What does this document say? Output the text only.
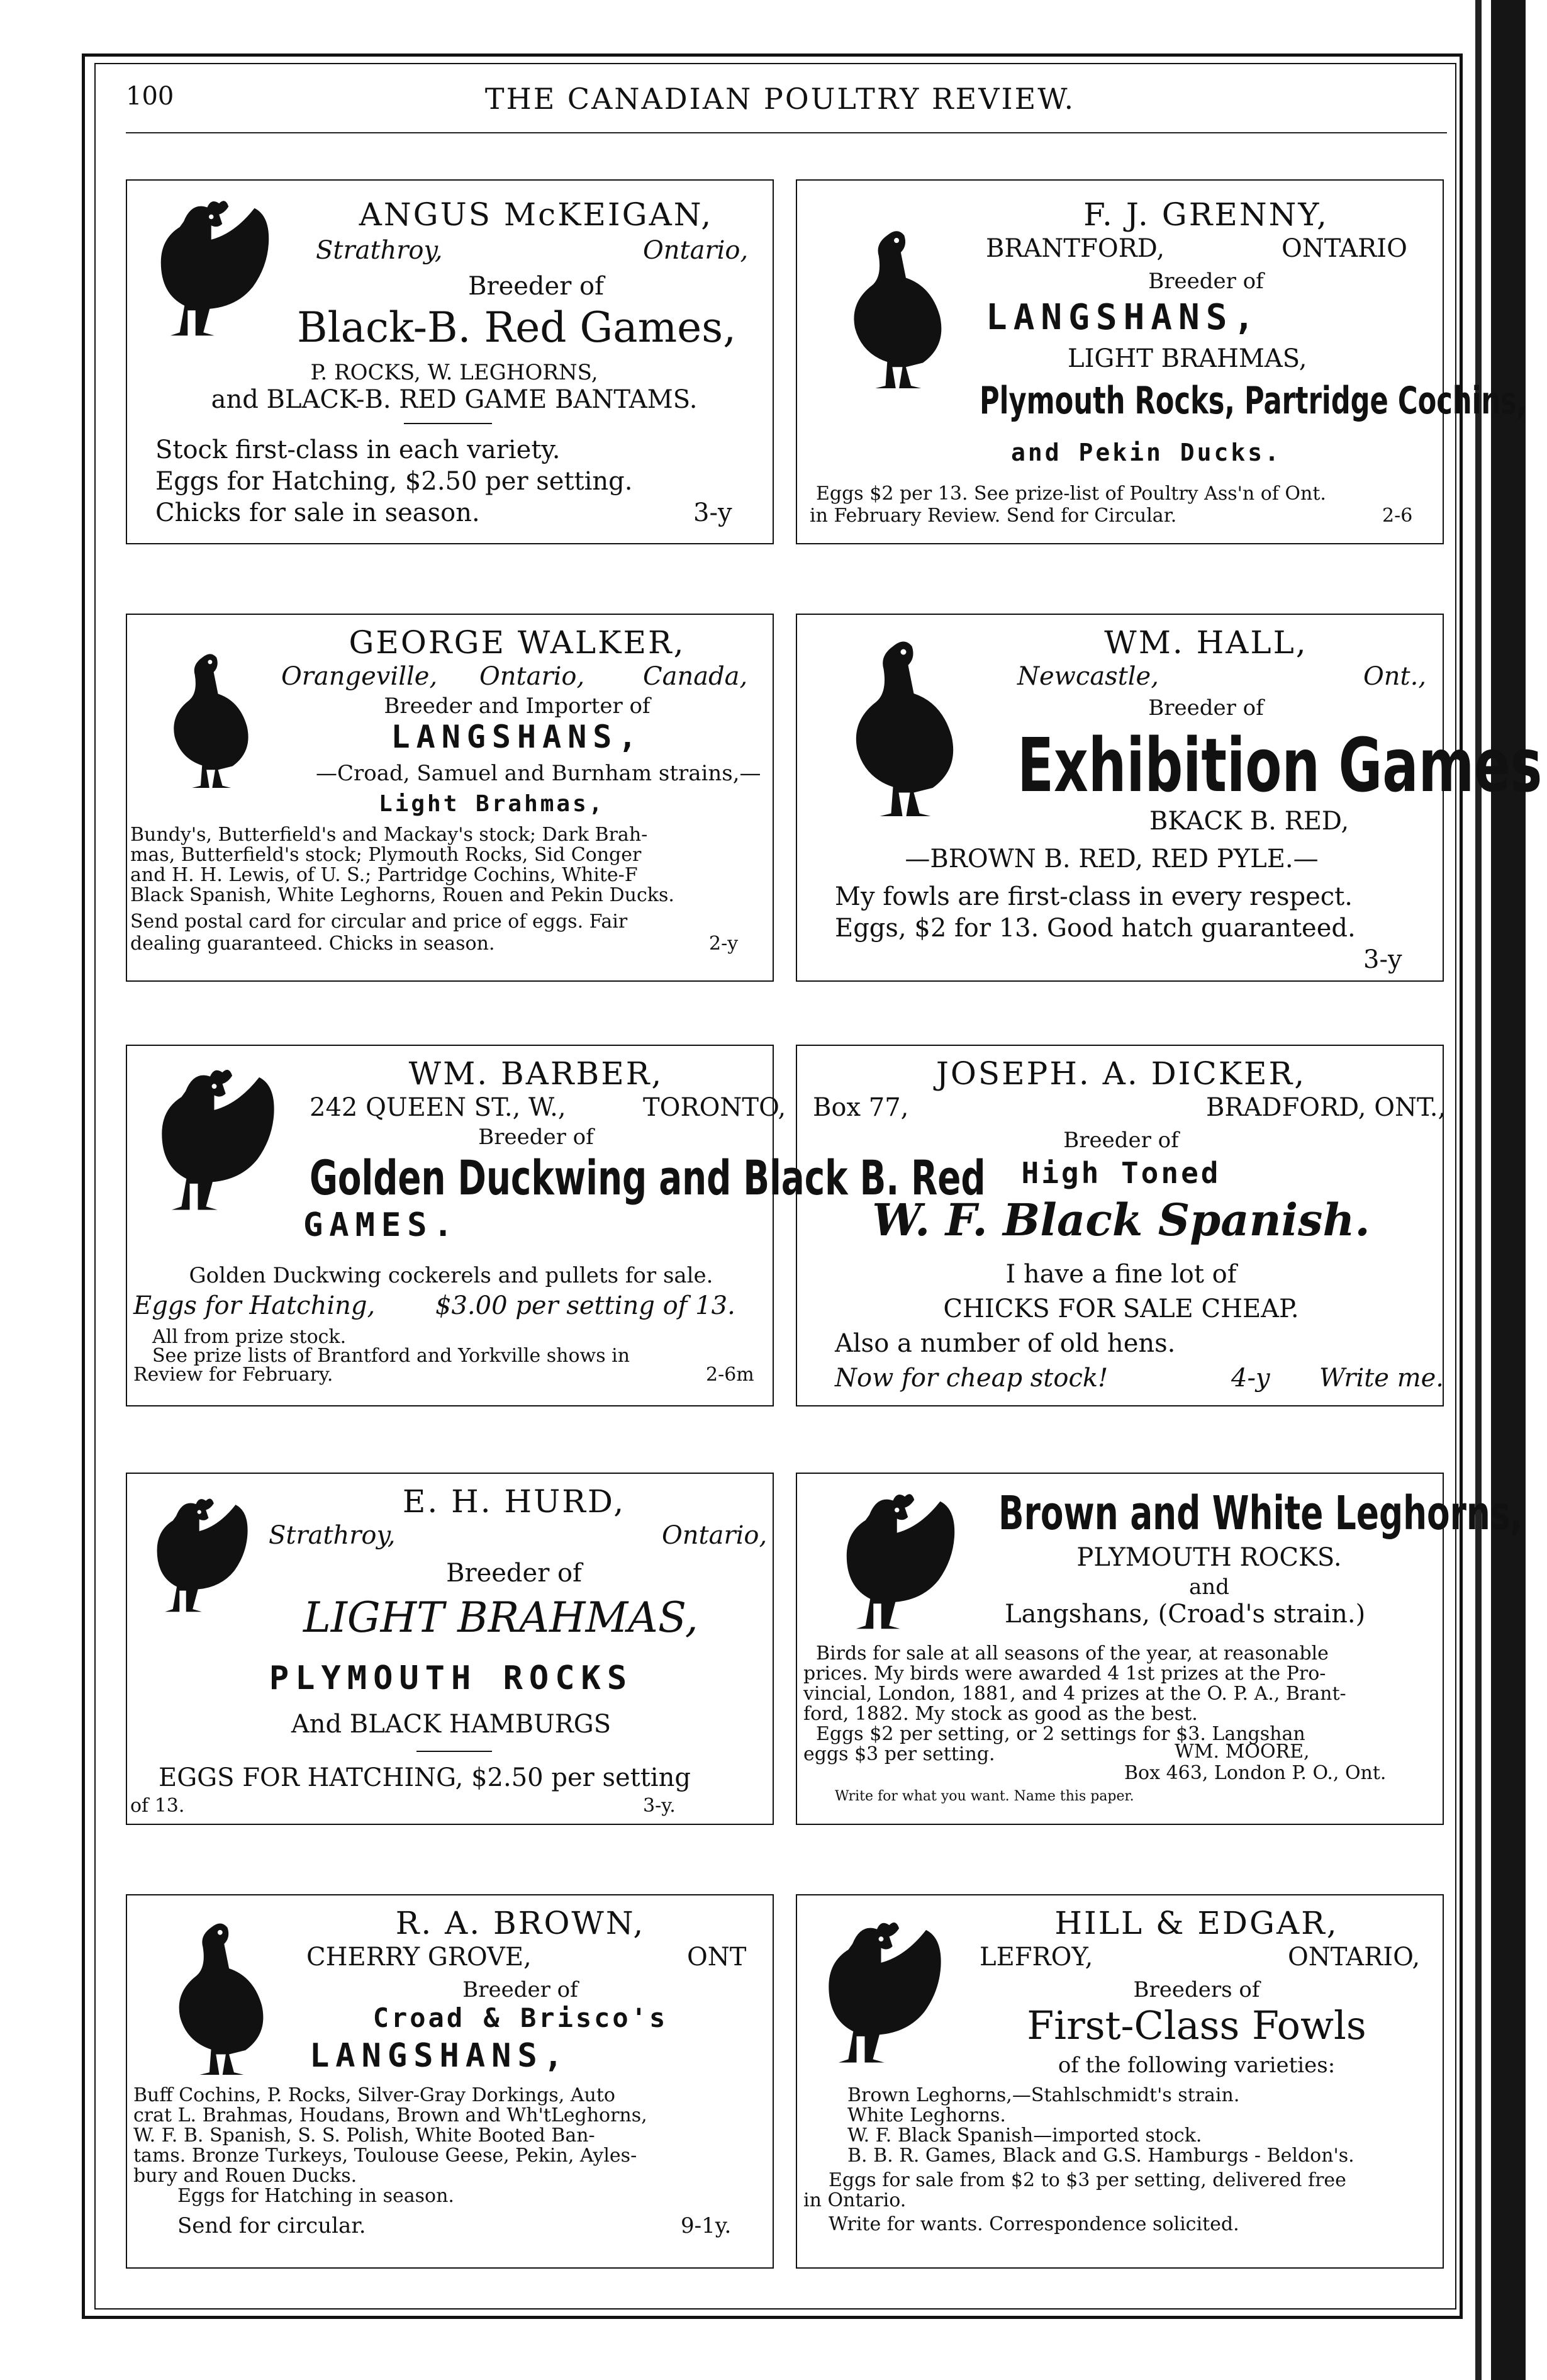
100	THE CANADIAN POULTRY REVIEW.
ANGUS McKEIGAN,
Strathroy,	Ontario,
Breeder of
Black-B. Red Games,
P. ROCKS, W. LEGHORNS,
and BLACK-B. RED GAME BANTAMS.
Stock first-class in each variety.
Eggs for Hatching, $2.50 per setting.
Chicks for sale in season.	3-y
F. J. GRENNY,
BRANTFORD,	ONTARIO
Breeder of
LANGSHANS,
LIGHT BRAHMAS,
Plymouth Rocks, Partridge Cochins,
and Pekin Ducks.
Eggs $2 per 13. See prize-list of Poultry Ass'n of Ont.
in February Review. Send for Circular.	2-6
GEORGE WALKER,
Orangeville, Ontario, Canada,
Breeder and Importer of
LANGSHANS,
—Croad, Samuel and Burnham strains,—
Light Brahmas,
Bundy's, Butterfield's and Mackay's stock; Dark Brah-
mas, Butterfield's stock; Plymouth Rocks, Sid Conger
and H. H. Lewis, of U. S.; Partridge Cochins, White-F
Black Spanish, White Leghorns, Rouen and Pekin Ducks.
Send postal card for circular and price of eggs. Fair
dealing guaranteed. Chicks in season.	2-y
WM. HALL,
Newcastle,	Ont.,
Breeder of
Exhibition Games
BKACK B. RED,
—BROWN B. RED, RED PYLE.—
My fowls are first-class in every respect.
Eggs, $2 for 13. Good hatch guaranteed.
3-y
WM. BARBER,
242 QUEEN ST., W.,	TORONTO,
Breeder of
Golden Duckwing and Black B. Red
GAMES.
Golden Duckwing cockerels and pullets for sale.
Eggs for Hatching, $3.00 per setting of 13.
All from prize stock.
See prize lists of Brantford and Yorkville shows in
Review for February.	2-6m
JOSEPH. A. DICKER,
Box 77,	BRADFORD, ONT.,
Breeder of
High Toned
W. F. Black Spanish.
I have a fine lot of
CHICKS FOR SALE CHEAP.
Also a number of old hens.
Now for cheap stock!	4-y Write me.
E. H. HURD,
Strathroy,	Ontario,
Breeder of
LIGHT BRAHMAS,
PLYMOUTH ROCKS
And BLACK HAMBURGS
EGGS FOR HATCHING, $2.50 per setting
of 13.	3-y.
Brown and White Leghorns,
PLYMOUTH ROCKS.
and
Langshans, (Croad's strain.)
Birds for sale at all seasons of the year, at reasonable
prices. My birds were awarded 4 1st prizes at the Pro-
vincial, London, 1881, and 4 prizes at the O. P. A., Brant-
ford, 1882. My stock as good as the best.
Eggs $2 per setting, or 2 settings for $3. Langshan
eggs $3 per setting.	WM. MOORE,
Box 463, London P. O., Ont.
Write for what you want. Name this paper.
R. A. BROWN,
CHERRY GROVE,	ONT
Breeder of
Croad & Brisco's
LANGSHANS,
Buff Cochins, P. Rocks, Silver-Gray Dorkings, Auto
crat L. Brahmas, Houdans, Brown and Wh'tLeghorns,
W. F. B. Spanish, S. S. Polish, White Booted Ban-
tams. Bronze Turkeys, Toulouse Geese, Pekin, Ayles-
bury and Rouen Ducks.
Eggs for Hatching in season.
Send for circular.	9-1y.
HILL & EDGAR,
LEFROY,	ONTARIO,
Breeders of
First-Class Fowls
of the following varieties:
Brown Leghorns,—Stahlschmidt's strain.
White Leghorns.
W. F. Black Spanish—imported stock.
B. B. R. Games, Black and G.S. Hamburgs - Beldon's.
Eggs for sale from $2 to $3 per setting, delivered free
in Ontario.
Write for wants. Correspondence solicited.
